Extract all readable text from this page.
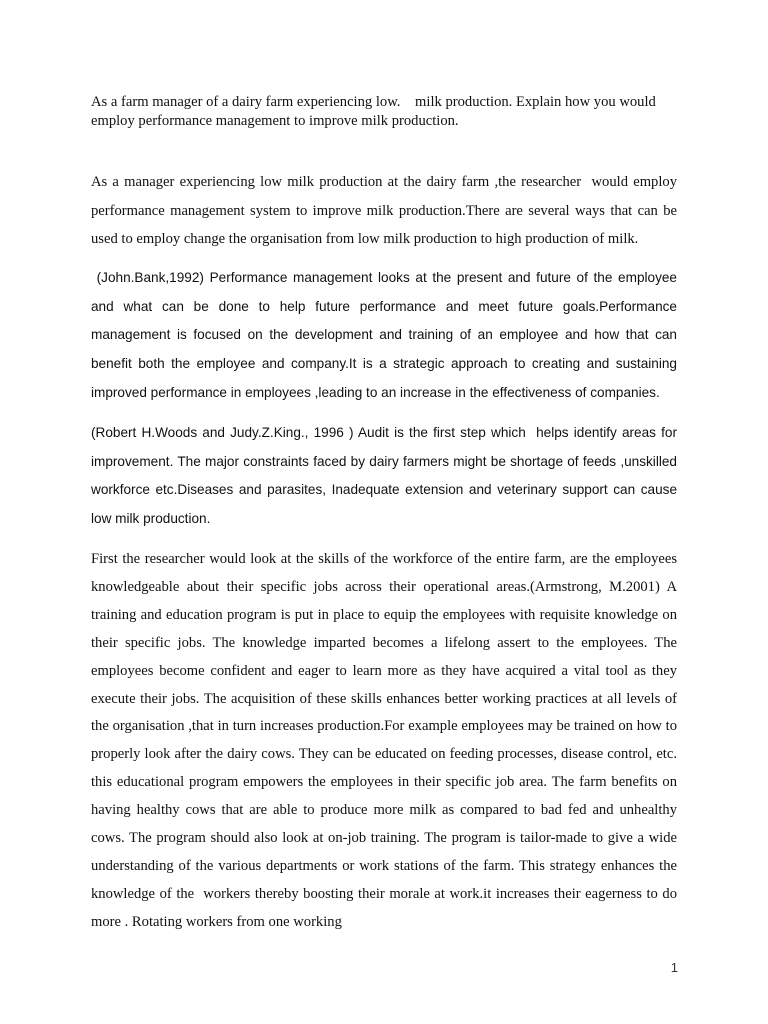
As a farm manager of a dairy farm experiencing low.    milk production. Explain how you would employ performance management to improve milk production.

As a manager experiencing low milk production at the dairy farm ,the researcher  would employ performance management system to improve milk production.There are several ways that can be used to employ change the organisation from low milk production to high production of milk.

(John.Bank,1992) Performance management looks at the present and future of the employee and what can be done to help future performance and meet future goals.Performance management is focused on the development and training of an employee and how that can benefit both the employee and company.It is a strategic approach to creating and sustaining improved performance in employees ,leading to an increase in the effectiveness of companies.

(Robert H.Woods and Judy.Z.King., 1996 ) Audit is the first step which  helps identify areas for improvement. The major constraints faced by dairy farmers might be shortage of feeds ,unskilled workforce etc.Diseases and parasites, Inadequate extension and veterinary support can cause low milk production.

First the researcher would look at the skills of the workforce of the entire farm, are the employees knowledgeable about their specific jobs across their operational areas.(Armstrong, M.2001) A training and education program is put in place to equip the employees with requisite knowledge on their specific jobs. The knowledge imparted becomes a lifelong assert to the employees. The employees become confident and eager to learn more as they have acquired a vital tool as they execute their jobs. The acquisition of these skills enhances better working practices at all levels of the organisation ,that in turn increases production.For example employees may be trained on how to properly look after the dairy cows. They can be educated on feeding processes, disease control, etc. this educational program empowers the employees in their specific job area. The farm benefits on having healthy cows that are able to produce more milk as compared to bad fed and unhealthy cows. The program should also look at on-job training. The program is tailor-made to give a wide understanding of the various departments or work stations of the farm. This strategy enhances the knowledge of the  workers thereby boosting their morale at work.it increases their eagerness to do more . Rotating workers from one working

1
